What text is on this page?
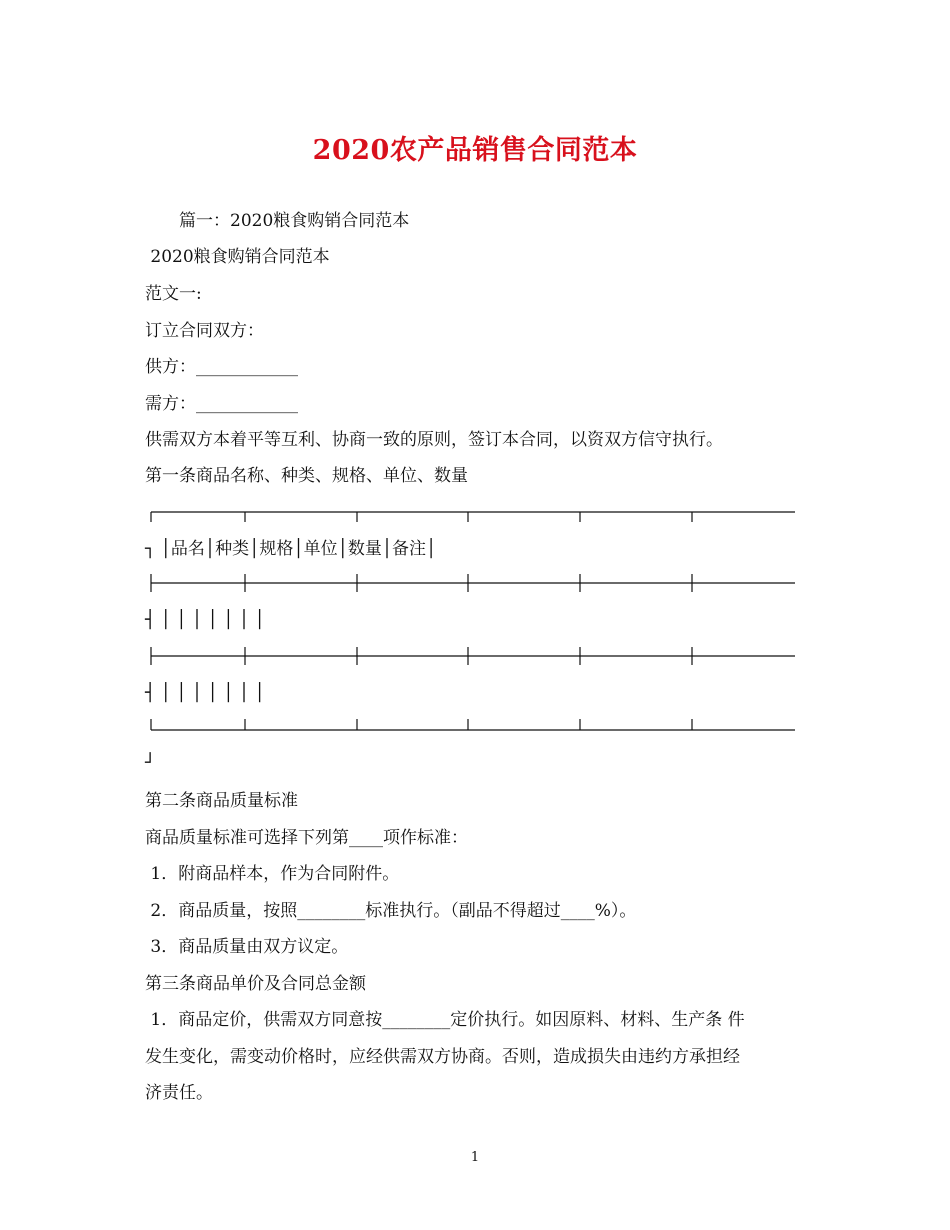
2020农产品销售合同范本
　　篇一：2020粮食购销合同范本
2020粮食购销合同范本
范文一:
订立合同双方：
供方：____________
需方：____________
供需双方本着平等互利、协商一致的原则，签订本合同，以资双方信守执行。
第一条商品名称、种类、规格、单位、数量
┐ │品名│种类│规格│单位│数量│备注│
┤ │ │ │ │ │ │ │
┤ │ │ │ │ │ │ │
┘
第二条商品质量标准
商品质量标准可选择下列第____项作标准：
1．附商品样本，作为合同附件。
2．商品质量，按照________标准执行。（副品不得超过____%）。
3．商品质量由双方议定。
第三条商品单价及合同总金额
1．商品定价，供需双方同意按________定价执行。如因原料、材料、生产条 件
发生变化，需变动价格时，应经供需双方协商。否则，造成损失由违约方承担经
济责任。
1
